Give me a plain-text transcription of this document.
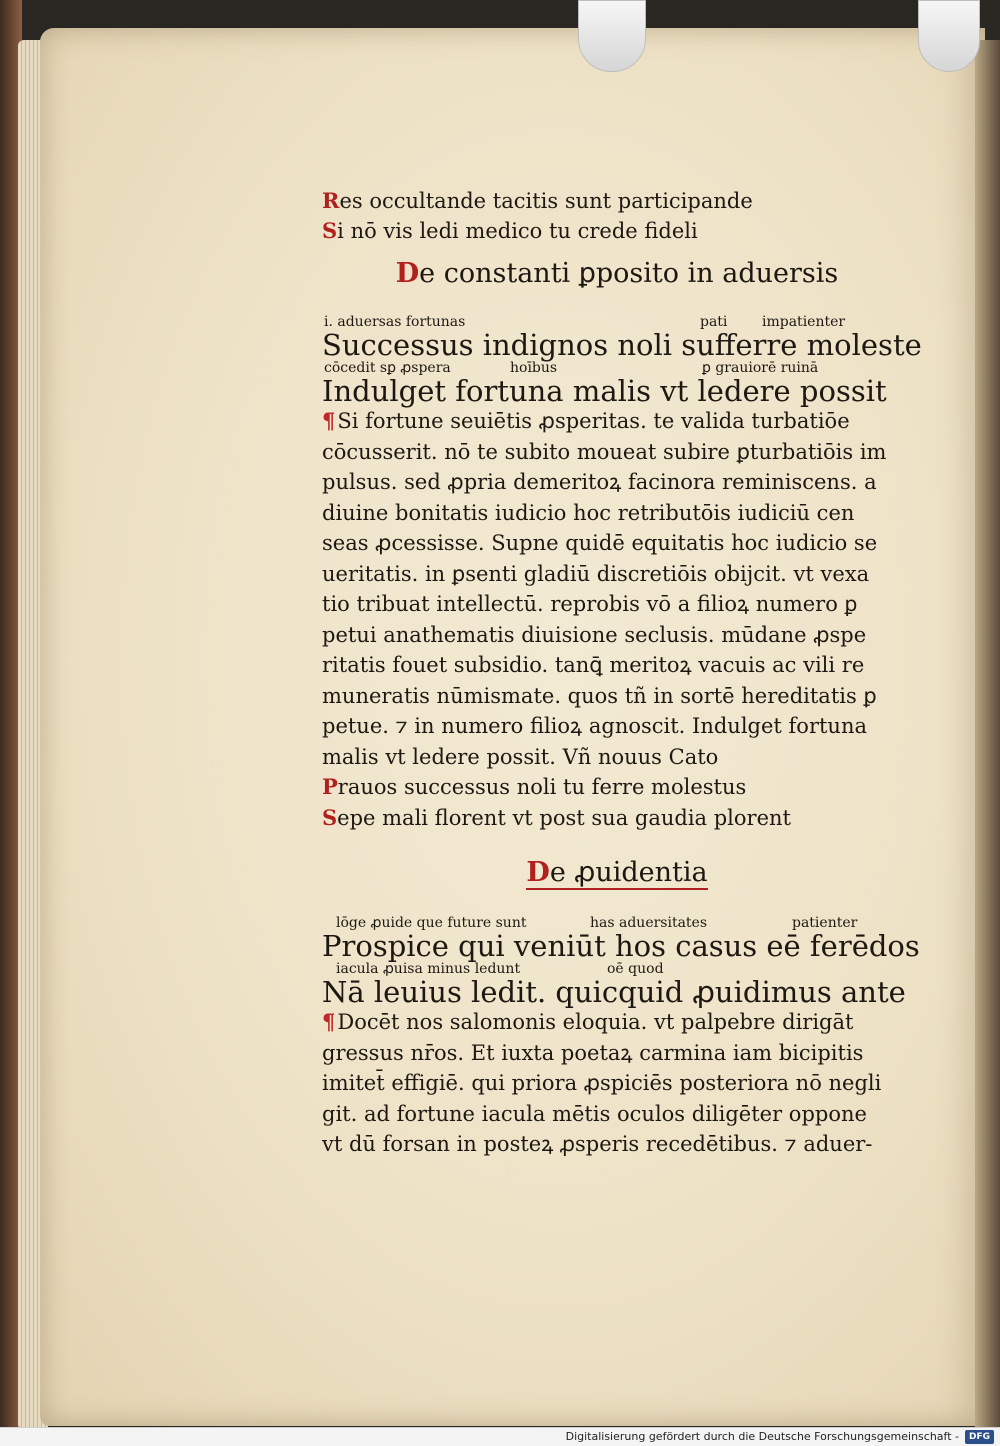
Res occultande tacitis sunt participande
Si nō vis ledi medico tu crede fideli
De constanti ꝑposito in aduersis
i. aduersas fortunas	pati impatienter
Successus indignos noli sufferre moleste
cōcedit sꝑ ꝓspera	hoībus	ꝑ grauiorē ruinā
Indulget fortuna malis vt ledere possit
¶Si fortune seuiētis ꝓsperitas. te valida turbatiōe
cōcusserit. nō te subito moueat subire ꝑturbatiōis im
pulsus. sed ꝓpria demeritoꝝ facinora reminiscens. a
diuine bonitatis iudicio hoc retributōis iudiciū cen
seas ꝓcessisse. Supne quidē equitatis hoc iudicio se
ueritatis. in ꝑsenti gladiū discretiōis obijcit. vt vexa
tio tribuat intellectū. reprobis vō a filioꝝ numero ꝑ
petui anathematis diuisione seclusis. mūdane ꝓspe
ritatis fouet subsidio. tanꝗ̄ meritoꝝ vacuis ac vili re
muneratis nūmismate. quos tñ in sortē hereditatis ꝑ
petue. ⁊ in numero filioꝝ agnoscit. Indulget fortuna
malis vt ledere possit. Vñ nouus Cato
Prauos successus noli tu ferre molestus
Sepe mali florent vt post sua gaudia plorent
De ꝓuidentia
lōge ꝓuide que future sunt	has aduersitates	patienter
Prospice qui veniūt hos casus eē ferēdos
iacula ꝓuisa minus ledunt	oē quod
Nā leuius ledit. quicquid ꝓuidimus ante
¶Docēt nos salomonis eloquia. vt palpebre dirigāt
gressus nr̄os. Et iuxta poetaꝝ carmina iam bicipitis
imitet̄ effigiē. qui priora ꝓspiciēs posteriora nō negli
git. ad fortune iacula mētis oculos diligēter oppone
vt dū forsan in posteꝝ ꝓsperis recedētibus. ⁊ aduer-
Digitalisierung gefördert durch die Deutsche Forschungsgemeinschaft - DFG
